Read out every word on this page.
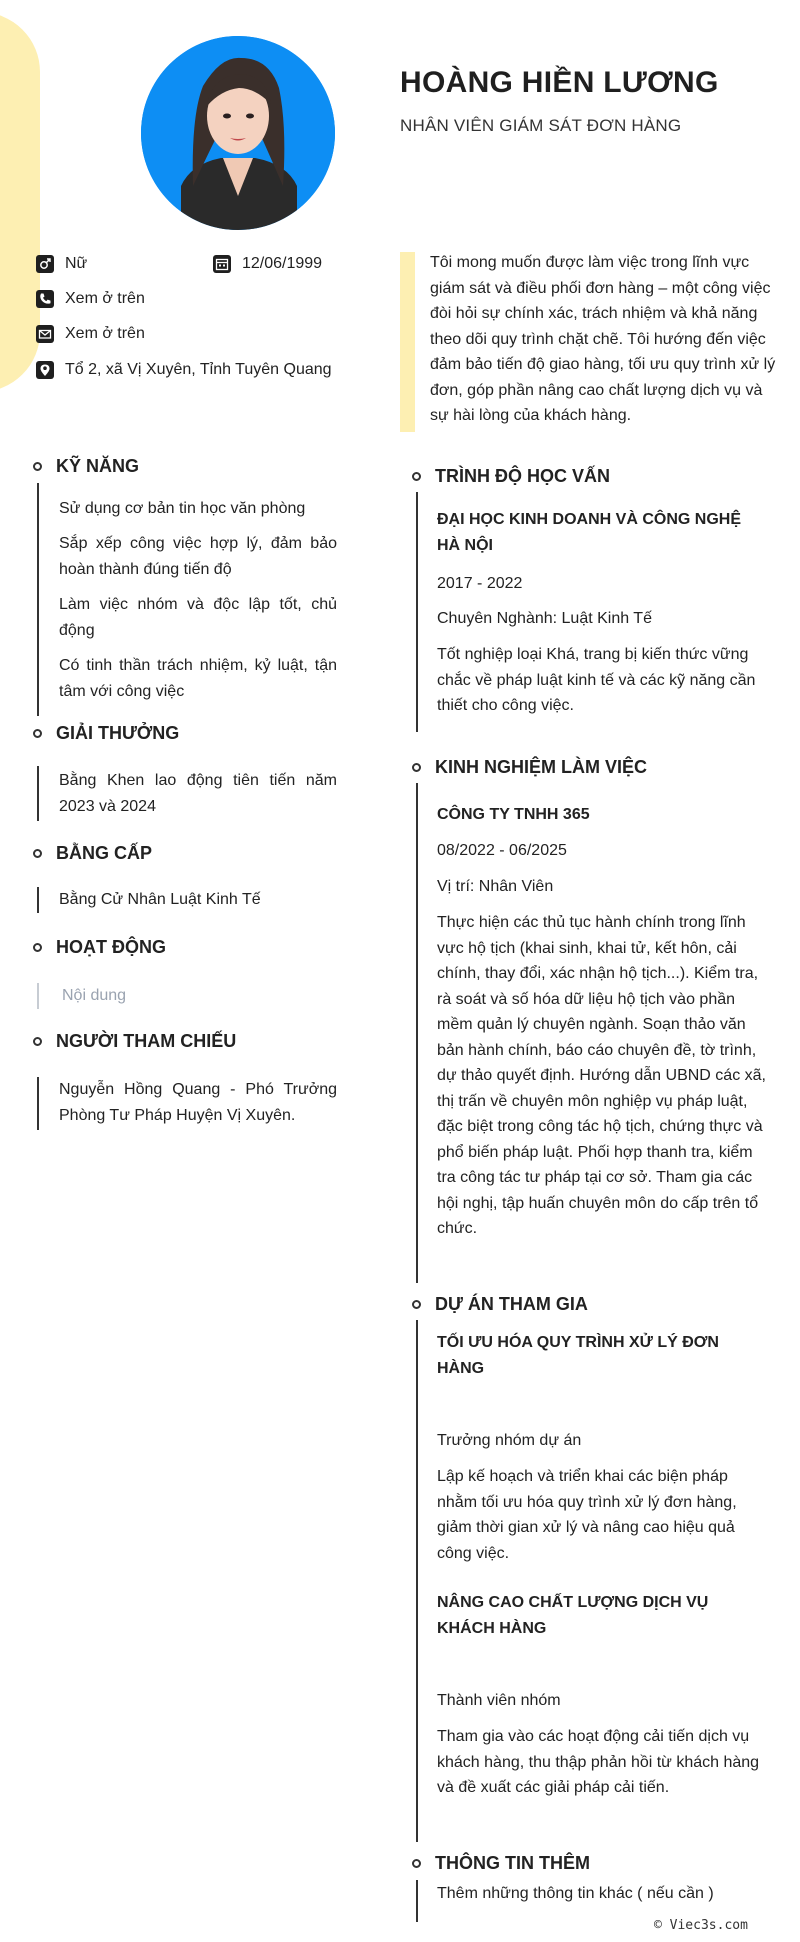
HOÀNG HIỀN LƯƠNG
NHÂN VIÊN GIÁM SÁT ĐƠN HÀNG
Nữ	12/06/1999
Xem ở trên
Xem ở trên
Tổ 2, xã Vị Xuyên, Tỉnh Tuyên Quang
Tôi mong muốn được làm việc trong lĩnh vực giám sát và điều phối đơn hàng – một công việc đòi hỏi sự chính xác, trách nhiệm và khả năng theo dõi quy trình chặt chẽ. Tôi hướng đến việc đảm bảo tiến độ giao hàng, tối ưu quy trình xử lý đơn, góp phần nâng cao chất lượng dịch vụ và sự hài lòng của khách hàng.
KỸ NĂNG
Sử dụng cơ bản tin học văn phòng
Sắp xếp công việc hợp lý, đảm bảo hoàn thành đúng tiến độ
Làm việc nhóm và độc lập tốt, chủ động
Có tinh thần trách nhiệm, kỷ luật, tận tâm với công việc
GIẢI THƯỞNG
Bằng Khen lao động tiên tiến năm 2023 và 2024
BẰNG CẤP
Bằng Cử Nhân Luật Kinh Tế
HOẠT ĐỘNG
Nội dung
NGƯỜI THAM CHIẾU
Nguyễn Hồng Quang - Phó Trưởng Phòng Tư Pháp Huyện Vị Xuyên.
TRÌNH ĐỘ HỌC VẤN
ĐẠI HỌC KINH DOANH VÀ CÔNG NGHỆ HÀ NỘI
2017 - 2022
Chuyên Nghành: Luật Kinh Tế
Tốt nghiệp loại Khá, trang bị kiến thức vững chắc về pháp luật kinh tế và các kỹ năng cần thiết cho công việc.
KINH NGHIỆM LÀM VIỆC
CÔNG TY TNHH 365
08/2022 - 06/2025
Vị trí: Nhân Viên
Thực hiện các thủ tục hành chính trong lĩnh vực hộ tịch (khai sinh, khai tử, kết hôn, cải chính, thay đổi, xác nhận hộ tịch...). Kiểm tra, rà soát và số hóa dữ liệu hộ tịch vào phần mềm quản lý chuyên ngành. Soạn thảo văn bản hành chính, báo cáo chuyên đề, tờ trình, dự thảo quyết định. Hướng dẫn UBND các xã, thị trấn về chuyên môn nghiệp vụ pháp luật, đặc biệt trong công tác hộ tịch, chứng thực và phổ biến pháp luật. Phối hợp thanh tra, kiểm tra công tác tư pháp tại cơ sở. Tham gia các hội nghị, tập huấn chuyên môn do cấp trên tổ chức.
DỰ ÁN THAM GIA
TỐI ƯU HÓA QUY TRÌNH XỬ LÝ ĐƠN HÀNG
Trưởng nhóm dự án
Lập kế hoạch và triển khai các biện pháp nhằm tối ưu hóa quy trình xử lý đơn hàng, giảm thời gian xử lý và nâng cao hiệu quả công việc.
NÂNG CAO CHẤT LƯỢNG DỊCH VỤ KHÁCH HÀNG
Thành viên nhóm
Tham gia vào các hoạt động cải tiến dịch vụ khách hàng, thu thập phản hồi từ khách hàng và đề xuất các giải pháp cải tiến.
THÔNG TIN THÊM
Thêm những thông tin khác ( nếu cần )
© Viec3s.com
